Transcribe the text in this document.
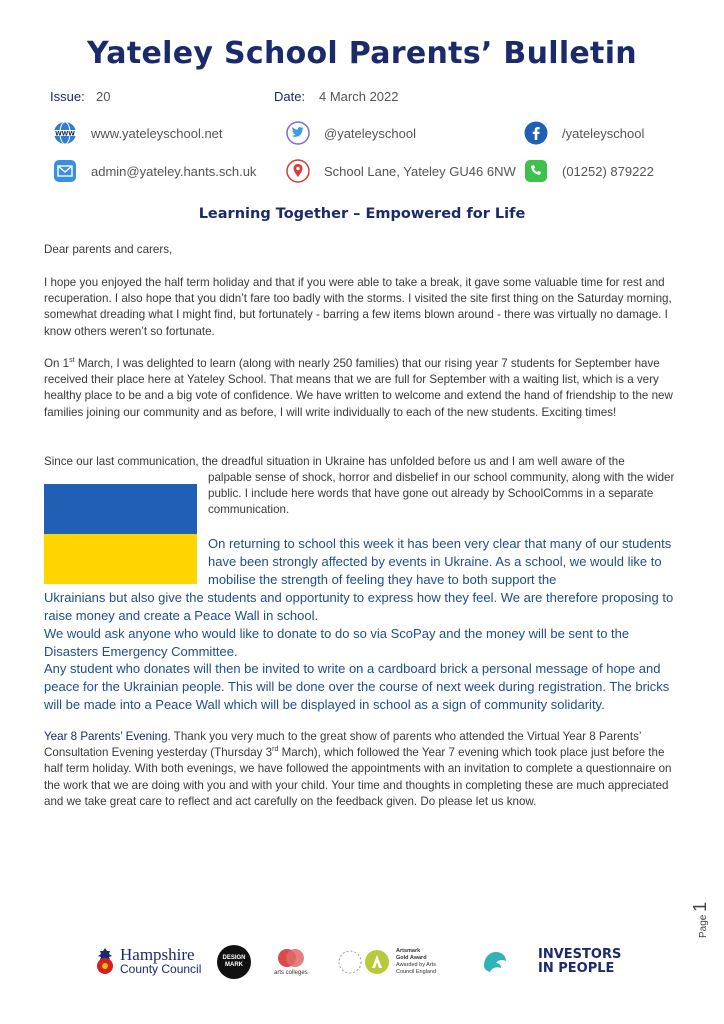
Yateley School Parents’ Bulletin
Issue: 20	Date: 4 March 2022
WWW www.yateleyschool.net	@yateleyschool	/yateleyschool
admin@yateley.hants.sch.uk	School Lane, Yateley GU46 6NW	(01252) 879222
Learning Together – Empowered for Life

Dear parents and carers,

I hope you enjoyed the half term holiday and that if you were able to take a break, it gave some valuable time for rest and recuperation. I also hope that you didn’t fare too badly with the storms. I visited the site first thing on the Saturday morning, somewhat dreading what I might find, but fortunately - barring a few items blown around - there was virtually no damage. I know others weren’t so fortunate.

On 1st March, I was delighted to learn (along with nearly 250 families) that our rising year 7 students for September have received their place here at Yateley School. That means that we are full for September with a waiting list, which is a very healthy place to be and a big vote of confidence. We have written to welcome and extend the hand of friendship to the new families joining our community and as before, I will write individually to each of the new students. Exciting times!

Since our last communication, the dreadful situation in Ukraine has unfolded before us and I am well aware of the

palpable sense of shock, horror and disbelief in our school community, along with the wider public. I include here words that have gone out already by SchoolComms in a separate communication.
On returning to school this week it has been very clear that many of our students have been strongly affected by events in Ukraine. As a school, we would like to mobilise the strength of feeling they have to both support the
Ukrainians but also give the students and opportunity to express how they feel. We are therefore proposing to raise money and create a Peace Wall in school.
We would ask anyone who would like to donate to do so via ScoPay and the money will be sent to the Disasters Emergency Committee.
Any student who donates will then be invited to write on a cardboard brick a personal message of hope and peace for the Ukrainian people. This will be done over the course of next week during registration. The bricks will be made into a Peace Wall which will be displayed in school as a sign of community solidarity.

Year 8 Parents’ Evening. Thank you very much to the great show of parents who attended the Virtual Year 8 Parents’ Consultation Evening yesterday (Thursday 3rd March), which followed the Year 7 evening which took place just before the half term holiday. With both evenings, we have followed the appointments with an invitation to complete a questionnaire on the work that we are doing with you and with your child. Your time and thoughts in completing these are much appreciated and we take great care to reflect and act carefully on the feedback given. Do please let us know.

Page 1
Hampshire
County Council
DESIGN MARK
arts colleges
Artsmark
Gold Award
Awarded by Arts Council England
INVESTORS
IN PEOPLE
